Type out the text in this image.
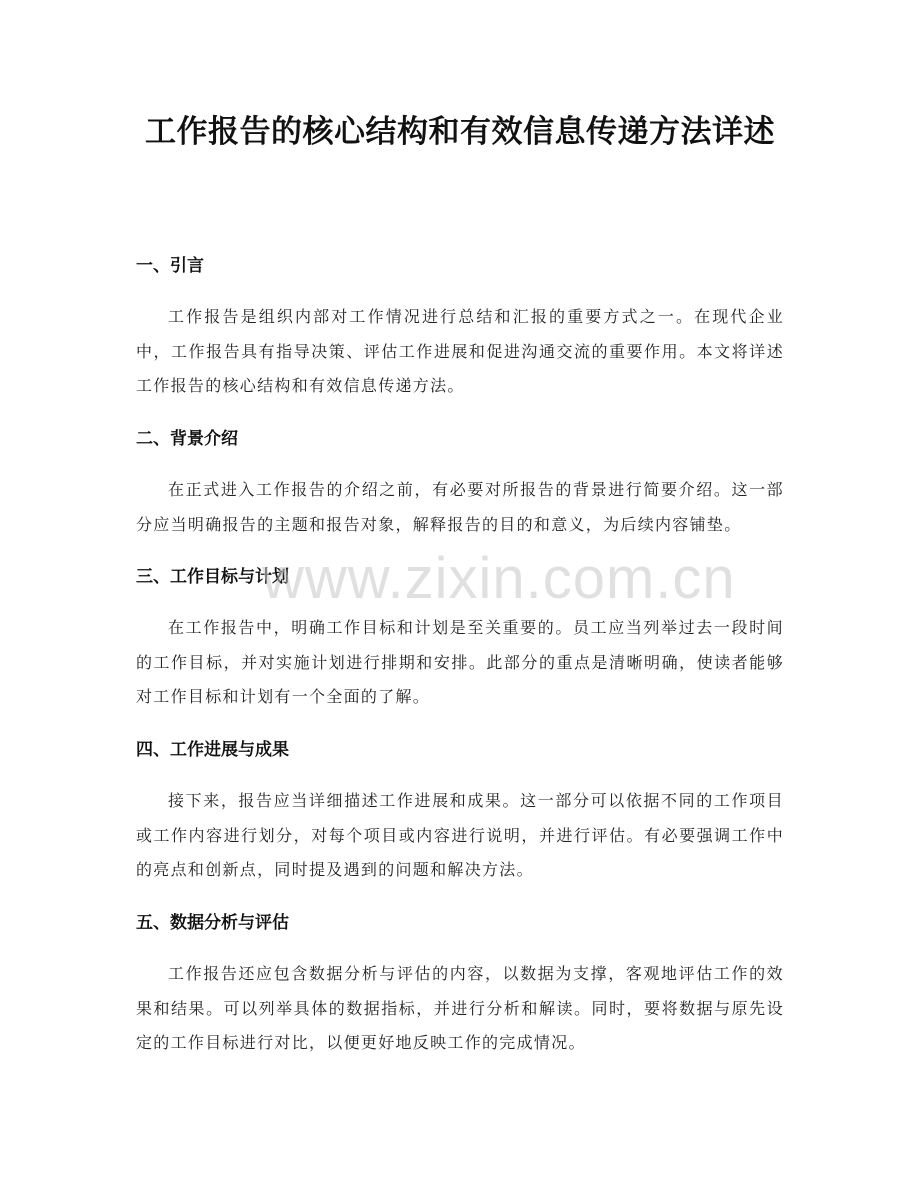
工作报告的核心结构和有效信息传递方法详述
一、引言

工作报告是组织内部对工作情况进行总结和汇报的重要方式之一。在现代企业中，工作报告具有指导决策、评估工作进展和促进沟通交流的重要作用。本文将详述工作报告的核心结构和有效信息传递方法。

二、背景介绍

在正式进入工作报告的介绍之前，有必要对所报告的背景进行简要介绍。这一部分应当明确报告的主题和报告对象，解释报告的目的和意义，为后续内容铺垫。

三、工作目标与计划

在工作报告中，明确工作目标和计划是至关重要的。员工应当列举过去一段时间的工作目标，并对实施计划进行排期和安排。此部分的重点是清晰明确，使读者能够对工作目标和计划有一个全面的了解。

四、工作进展与成果

接下来，报告应当详细描述工作进展和成果。这一部分可以依据不同的工作项目或工作内容进行划分，对每个项目或内容进行说明，并进行评估。有必要强调工作中的亮点和创新点，同时提及遇到的问题和解决方法。

五、数据分析与评估

工作报告还应包含数据分析与评估的内容，以数据为支撑，客观地评估工作的效果和结果。可以列举具体的数据指标，并进行分析和解读。同时，要将数据与原先设定的工作目标进行对比，以便更好地反映工作的完成情况。

www.zixin.com.cn
